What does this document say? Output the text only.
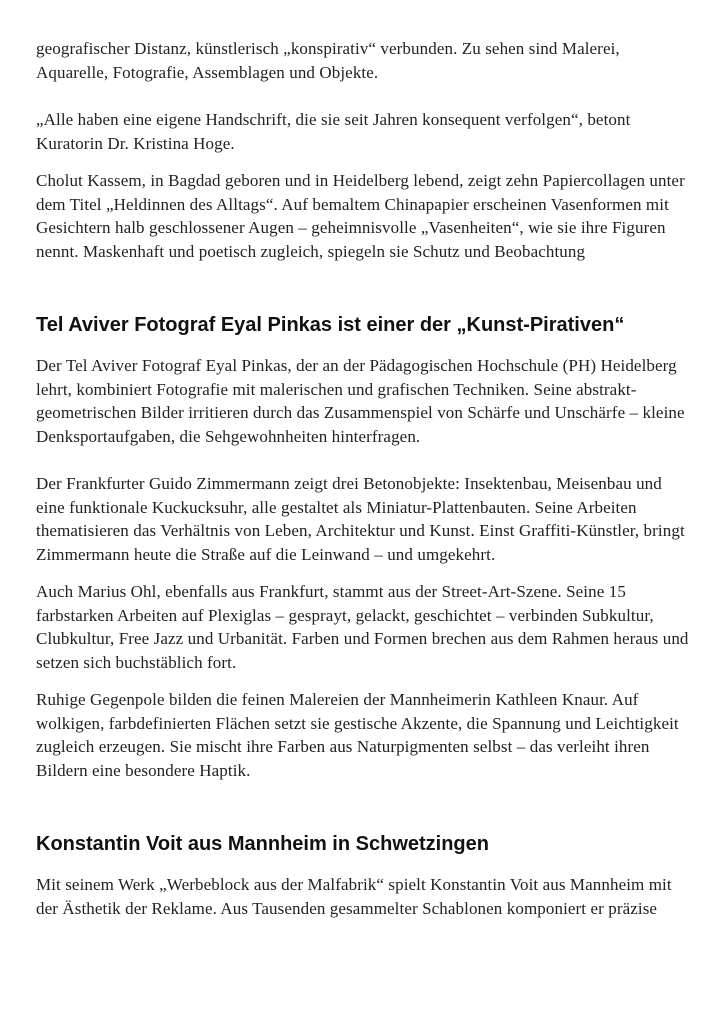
geografischer Distanz, künstlerisch „konspirativ“ verbunden. Zu sehen sind Malerei, Aquarelle, Fotografie, Assemblagen und Objekte.

„Alle haben eine eigene Handschrift, die sie seit Jahren konsequent verfolgen“, betont Kuratorin Dr. Kristina Hoge.

Cholut Kassem, in Bagdad geboren und in Heidelberg lebend, zeigt zehn Papiercollagen unter dem Titel „Heldinnen des Alltags“. Auf bemaltem Chinapapier erscheinen Vasenformen mit Gesichtern halb geschlossener Augen – geheimnisvolle „Vasenheiten“, wie sie ihre Figuren nennt. Maskenhaft und poetisch zugleich, spiegeln sie Schutz und Beobachtung

Tel Aviver Fotograf Eyal Pinkas ist einer der „Kunst-Pirativen“

Der Tel Aviver Fotograf Eyal Pinkas, der an der Pädagogischen Hochschule (PH) Heidelberg lehrt, kombiniert Fotografie mit malerischen und grafischen Techniken. Seine abstrakt-geometrischen Bilder irritieren durch das Zusammenspiel von Schärfe und Unschärfe – kleine Denksportaufgaben, die Sehgewohnheiten hinterfragen.

Der Frankfurter Guido Zimmermann zeigt drei Betonobjekte: Insektenbau, Meisenbau und eine funktionale Kuckucksuhr, alle gestaltet als Miniatur-Plattenbauten. Seine Arbeiten thematisieren das Verhältnis von Leben, Architektur und Kunst. Einst Graffiti-Künstler, bringt Zimmermann heute die Straße auf die Leinwand – und umgekehrt.

Auch Marius Ohl, ebenfalls aus Frankfurt, stammt aus der Street-Art-Szene. Seine 15 farbstarken Arbeiten auf Plexiglas – gesprayt, gelackt, geschichtet – verbinden Subkultur, Clubkultur, Free Jazz und Urbanität. Farben und Formen brechen aus dem Rahmen heraus und setzen sich buchstäblich fort.

Ruhige Gegenpole bilden die feinen Malereien der Mannheimerin Kathleen Knaur. Auf wolkigen, farbdefinierten Flächen setzt sie gestische Akzente, die Spannung und Leichtigkeit zugleich erzeugen. Sie mischt ihre Farben aus Naturpigmenten selbst – das verleiht ihren Bildern eine besondere Haptik.

Konstantin Voit aus Mannheim in Schwetzingen

Mit seinem Werk „Werbeblock aus der Malfabrik“ spielt Konstantin Voit aus Mannheim mit der Ästhetik der Reklame. Aus Tausenden gesammelter Schablonen komponiert er präzise
